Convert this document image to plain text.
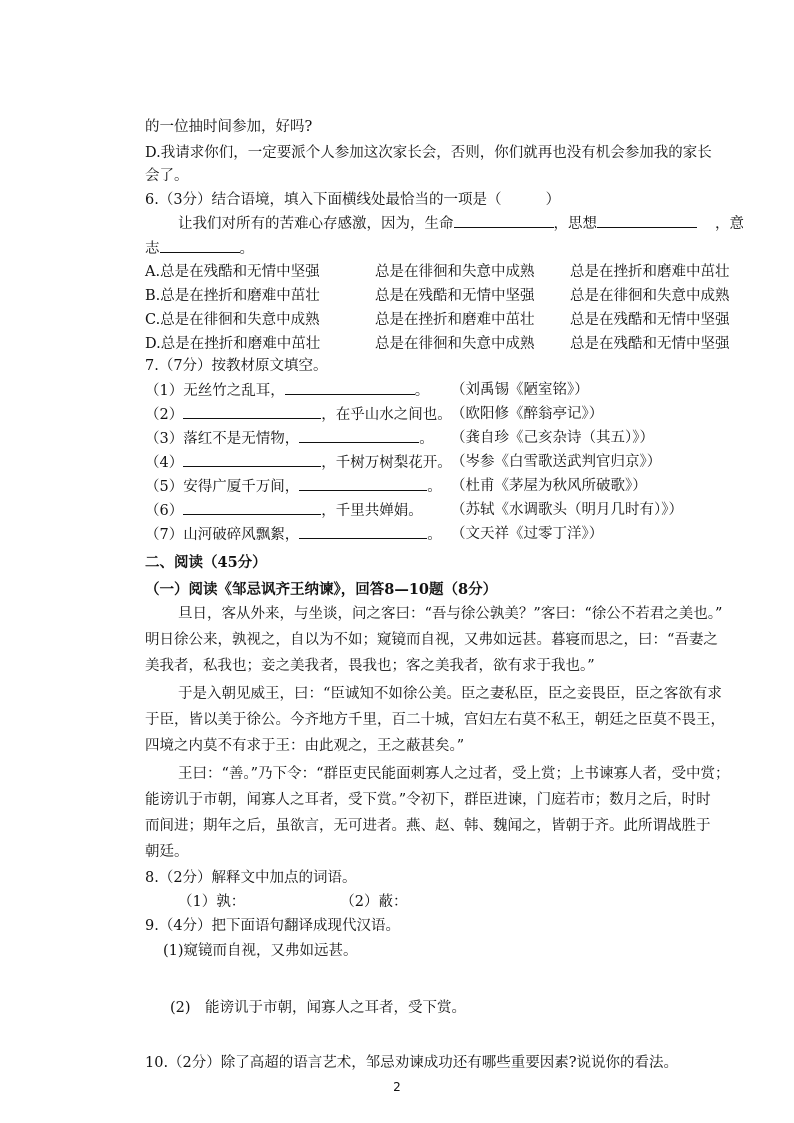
的一位抽时间参加，好吗?
D.我请求你们，一定要派个人参加这次家长会，否则，你们就再也没有机会参加我的家长
会了。
6.（3分）结合语境，填入下面横线处最恰当的一项是（	）
让我们对所有的苦难心存感激，因为，生命	，思想	，意
志	。
A.总是在残酷和无情中坚强	总是在徘徊和失意中成熟 总是在挫折和磨难中茁壮
B.总是在挫折和磨难中茁壮	总是在残酷和无情中坚强 总是在徘徊和失意中成熟
C.总是在徘徊和失意中成熟	总是在挫折和磨难中茁壮 总是在残酷和无情中坚强
D.总是在挫折和磨难中茁壮	总是在徘徊和失意中成熟 总是在残酷和无情中坚强
7.（7分）按教材原文填空。
（1）无丝竹之乱耳，	。 （刘禹锡《陋室铭》）
（2）	，在乎山水之间也。 （欧阳修《醉翁亭记》）
（3）落红不是无情物，	。 （龚自珍《己亥杂诗（其五）》）
（4）	，千树万树梨花开。 （岑参《白雪歌送武判官归京》）
（5）安得广厦千万间，	。 （杜甫《茅屋为秋风所破歌》）
（6）	，千里共婵娟。 （苏轼《水调歌头（明月几时有）》）
（7）山河破碎风飘絮，	。 （文天祥《过零丁洋》）
二、阅读（45分）
（一）阅读《邹忌讽齐王纳谏》，回答8—10题（8分）
旦日，客从外来，与坐谈，问之客曰：“吾与徐公孰美？”客曰：“徐公不若君之美也。”
明日徐公来，孰视之，自以为不如；窥镜而自视，又弗如远甚。暮寝而思之，曰：“吾妻之
美我者，私我也；妾之美我者，畏我也；客之美我者，欲有求于我也。”
于是入朝见威王，曰：“臣诚知不如徐公美。臣之妻私臣，臣之妾畏臣，臣之客欲有求
于臣，皆以美于徐公。今齐地方千里，百二十城，宫妇左右莫不私王，朝廷之臣莫不畏王，
四境之内莫不有求于王：由此观之，王之蔽甚矣。”
王曰：“善。”乃下令：“群臣吏民能面刺寡人之过者，受上赏；上书谏寡人者，受中赏；
能谤讥于市朝，闻寡人之耳者，受下赏。”令初下，群臣进谏，门庭若市；数月之后，时时
而间进；期年之后，虽欲言，无可进者。燕、赵、韩、魏闻之，皆朝于齐。此所谓战胜于
朝廷。
8.（2分）解释文中加点的词语。
（1）孰：	（2）蔽：
9.（4分）把下面语句翻译成现代汉语。
(1)窥镜而自视，又弗如远甚。
(2)　能谤讥于市朝，闻寡人之耳者，受下赏。
10.（2分）除了高超的语言艺术，邹忌劝谏成功还有哪些重要因素?说说你的看法。
2
